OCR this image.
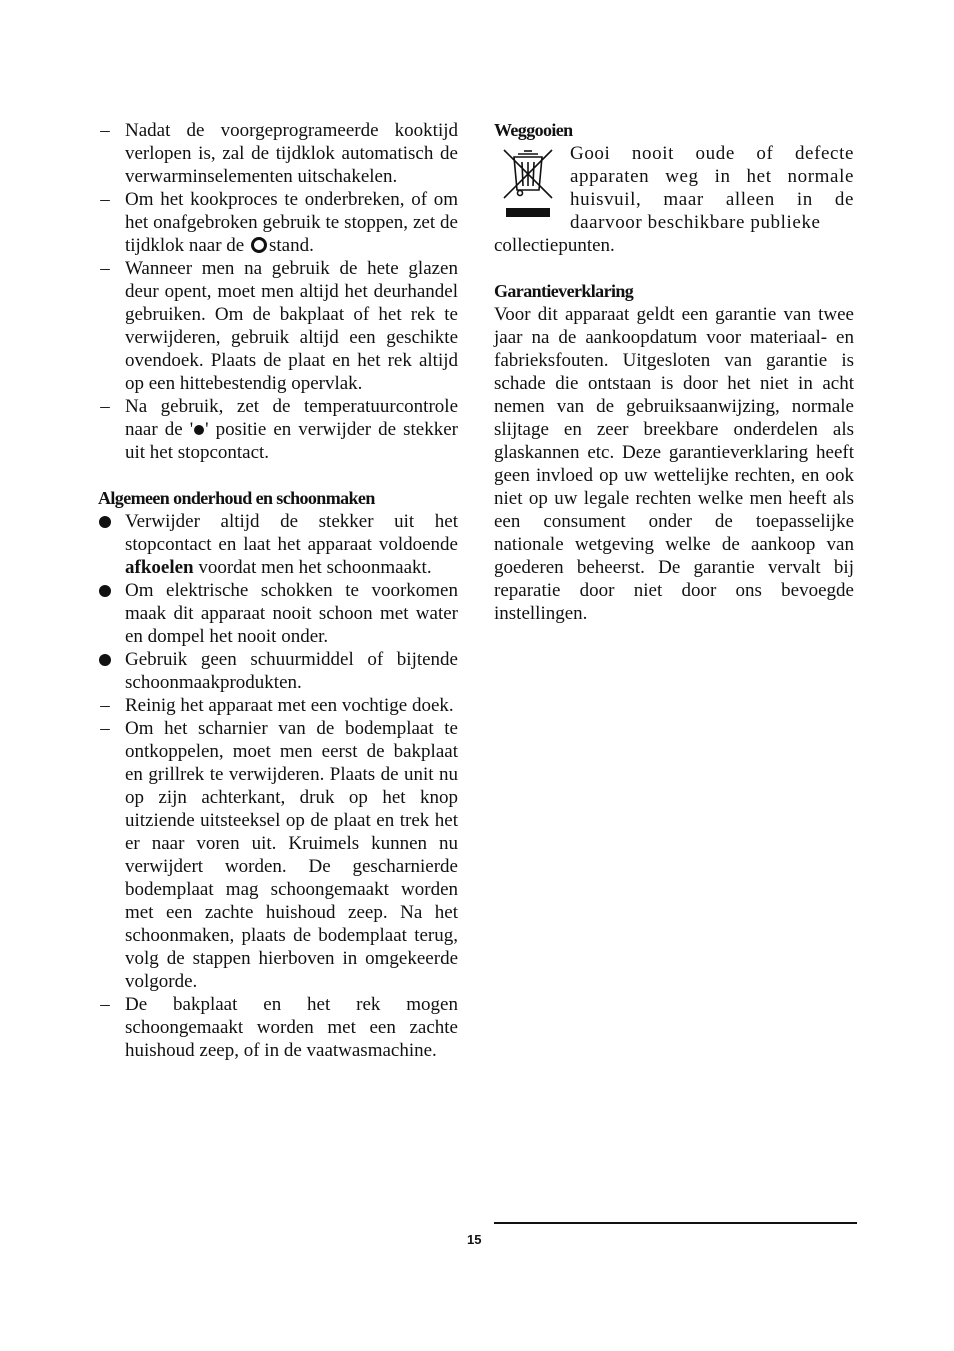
–
Nadat de voorgeprogrameerde kooktijd verlopen is, zal de tijdklok automatisch de verwarminselementen uitschakelen.
–
Om het kookproces te onderbreken, of om het onafgebroken gebruik te stoppen, zet de tijdklok naar de stand.
–
Wanneer men na gebruik de hete glazen deur opent, moet men altijd het deurhandel gebruiken. Om de bakplaat of het rek te verwijderen, gebruik altijd een geschikte ovendoek. Plaats de plaat en het rek altijd op een hittebestendig opervlak.
–
Na gebruik, zet de temperatuurcontrole naar de ' ' positie en verwijder de stekker uit het stopcontact.
Algemeen onderhoud en schoonmaken
Verwijder altijd de stekker uit het stopcontact en laat het apparaat voldoende afkoelen voordat men het schoonmaakt.
Om elektrische schokken te voorkomen maak dit apparaat nooit schoon met water en dompel het nooit onder.
Gebruik geen schuurmiddel of bijtende schoonmaakprodukten.
–
Reinig het apparaat met een vochtige doek.
–
Om het scharnier van de bodemplaat te ontkoppelen, moet men eerst de bakplaat en grillrek te verwijderen. Plaats de unit nu op zijn achterkant, druk op het knop uitziende uitsteeksel op de plaat en trek het er naar voren uit. Kruimels kunnen nu verwijdert worden. De gescharnierde bodemplaat mag schoongemaakt worden met een zachte huishoud zeep. Na het schoonmaken, plaats de bodemplaat terug, volg de stappen hierboven in omgekeerde volgorde.
–
De bakplaat en het rek mogen schoongemaakt worden met een zachte huishoud zeep, of in de vaatwasmachine.
Weggooien
Gooi nooit oude of defecte apparaten weg in het normale huisvuil, maar alleen in de daarvoor beschikbare publieke
collectiepunten.
Garantieverklaring
Voor dit apparaat geldt een garantie van twee jaar na de aankoopdatum voor materiaal- en fabrieksfouten. Uitgesloten van garantie is schade die ontstaan is door het niet in acht nemen van de gebruiksaanwijzing, normale slijtage en zeer breekbare onderdelen als glaskannen etc. Deze garantieverklaring heeft geen invloed op uw wettelijke rechten, en ook niet op uw legale rechten welke men heeft als een consument onder de toepasselijke nationale wetgeving welke de aankoop van goederen beheerst. De garantie vervalt bij reparatie door niet door ons bevoegde instellingen.
15
